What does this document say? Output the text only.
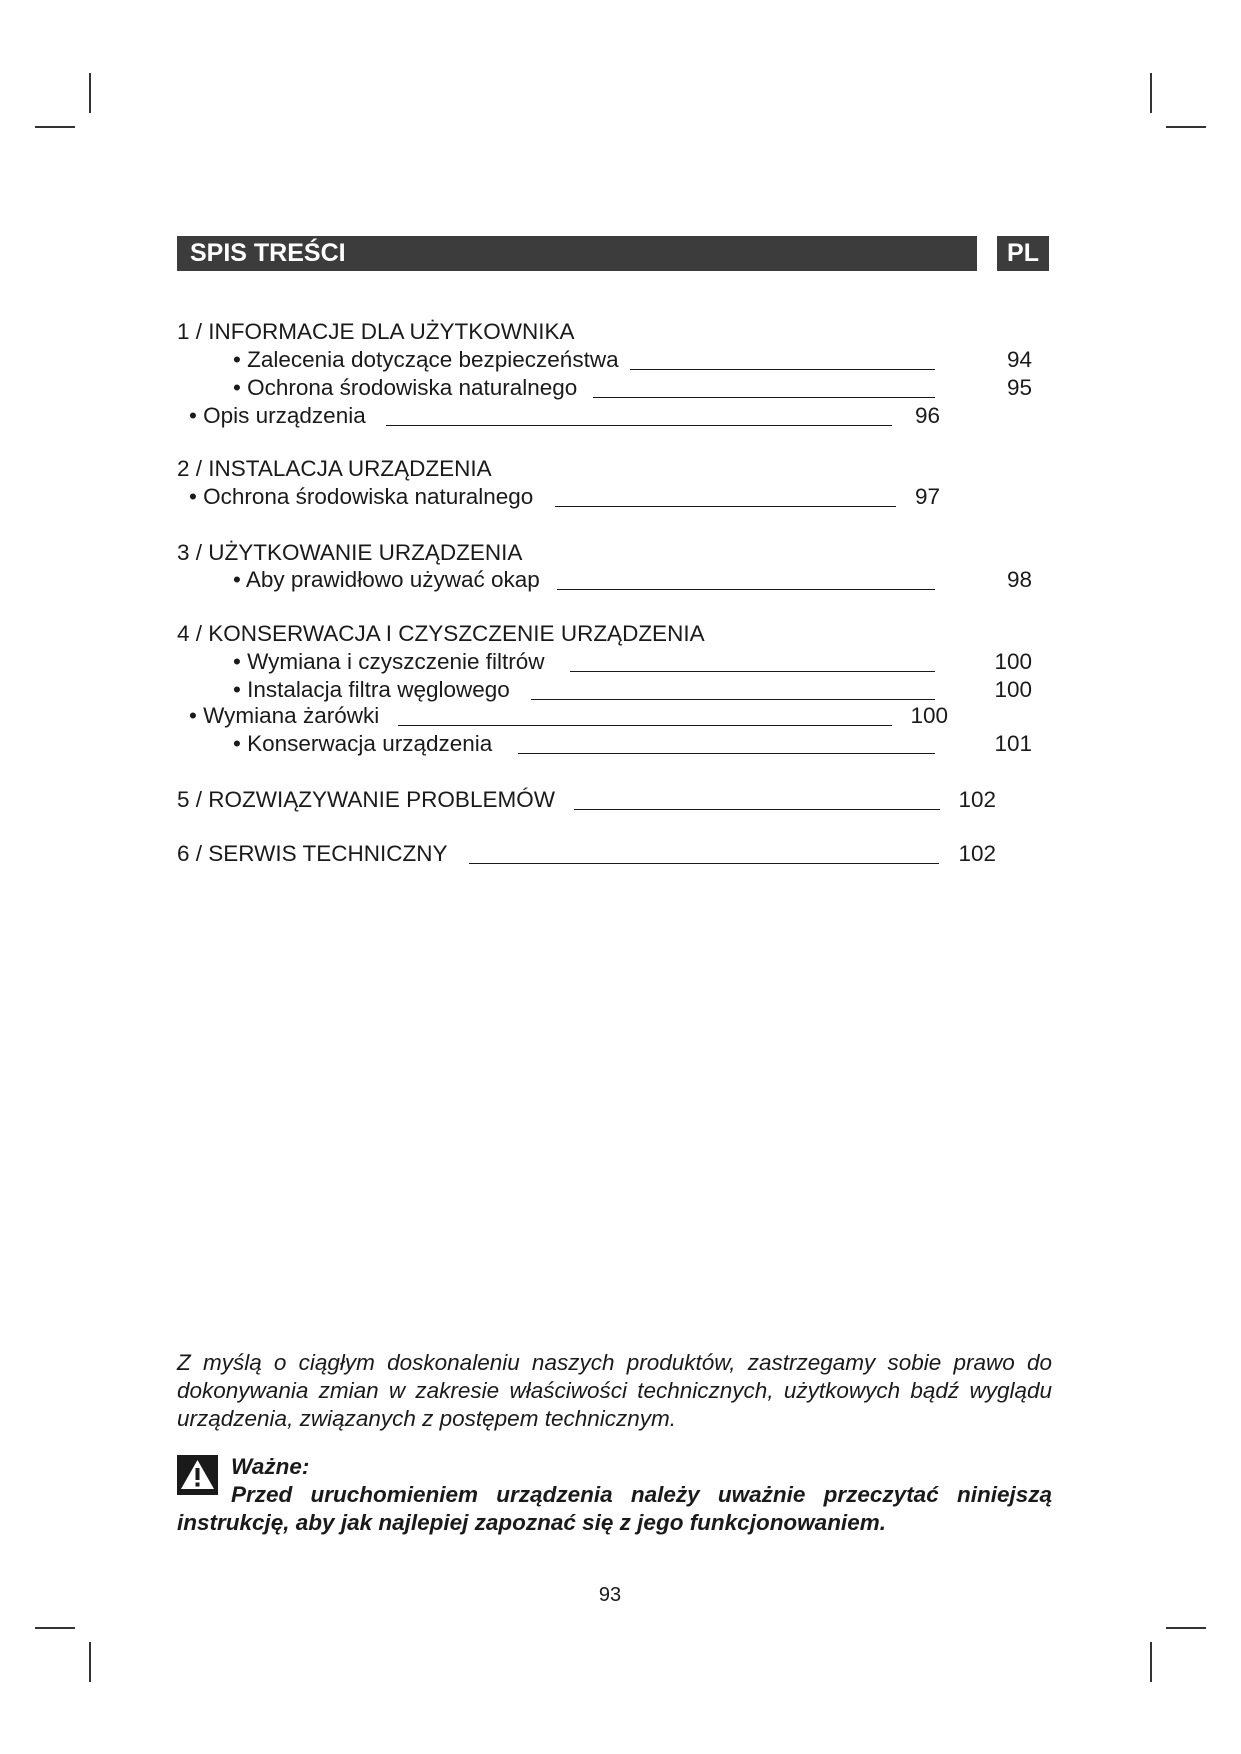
SPIS TREŚCI	PL
1 / INFORMACJE DLA UŻYTKOWNIKA
• Zalecenia dotyczące bezpieczeństwa	94
• Ochrona środowiska naturalnego	95
• Opis urządzenia	96
2 / INSTALACJA URZĄDZENIA
• Ochrona środowiska naturalnego	97
3 / UŻYTKOWANIE URZĄDZENIA
• Aby prawidłowo używać okap	98
4 / KONSERWACJA I CZYSZCZENIE URZĄDZENIA
• Wymiana i czyszczenie filtrów	100
• Instalacja filtra węglowego	100
• Wymiana żarówki	100
• Konserwacja urządzenia	101
5 / ROZWIĄZYWANIE PROBLEMÓW	102
6 / SERWIS TECHNICZNY	102
Z myślą o ciągłym doskonaleniu naszych produktów, zastrzegamy sobie prawo do dokonywania zmian w zakresie właściwości technicznych, użytkowych bądź wyglądu urządzenia, związanych z postępem technicznym.
Ważne:
Przed uruchomieniem urządzenia należy uważnie przeczytać niniejszą instrukcję, aby jak najlepiej zapoznać się z jego funkcjonowaniem.
93
